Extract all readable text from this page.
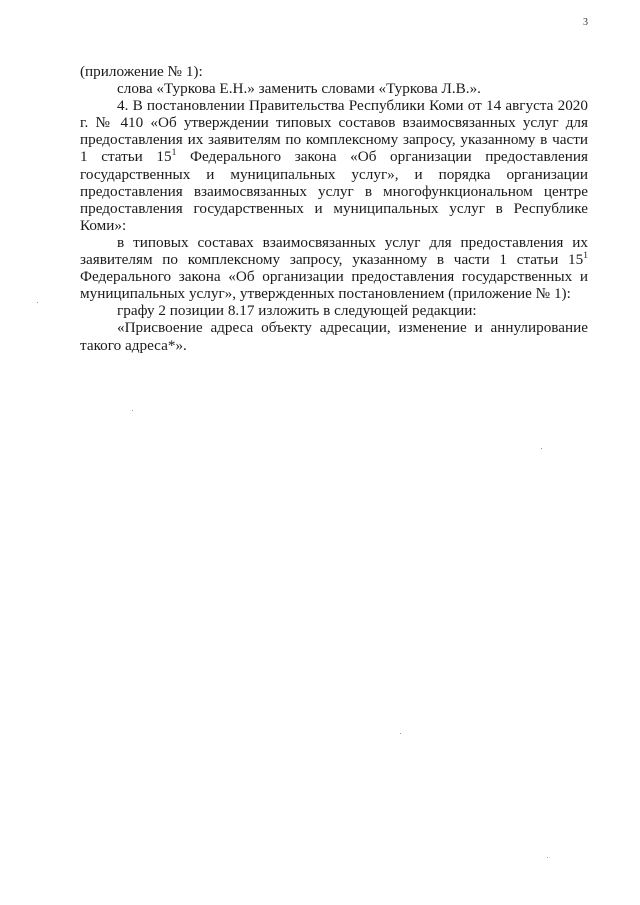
3

(приложение № 1):

слова «Туркова Е.Н.» заменить словами «Туркова Л.В.».

4. В постановлении Правительства Республики Коми от 14 августа 2020 г. № 410 «Об утверждении типовых составов взаимосвязанных услуг для предоставления их заявителям по комплексному запросу, указанному в части 1 статьи $15^1$ Федерального закона «Об организации предоставления государственных и муниципальных услуг», и порядка организации предоставления взаимосвязанных услуг в многофункциональном центре предоставления государственных и муниципальных услуг в Республике Коми»:

в типовых составах взаимосвязанных услуг для предоставления их заявителям по комплексному запросу, указанному в части 1 статьи $15^1$ Федерального закона «Об организации предоставления государственных и муниципальных услуг», утвержденных постановлением (приложение № 1):

графу 2 позиции 8.17 изложить в следующей редакции:

«Присвоение адреса объекту адресации, изменение и аннулирование такого адреса*».
